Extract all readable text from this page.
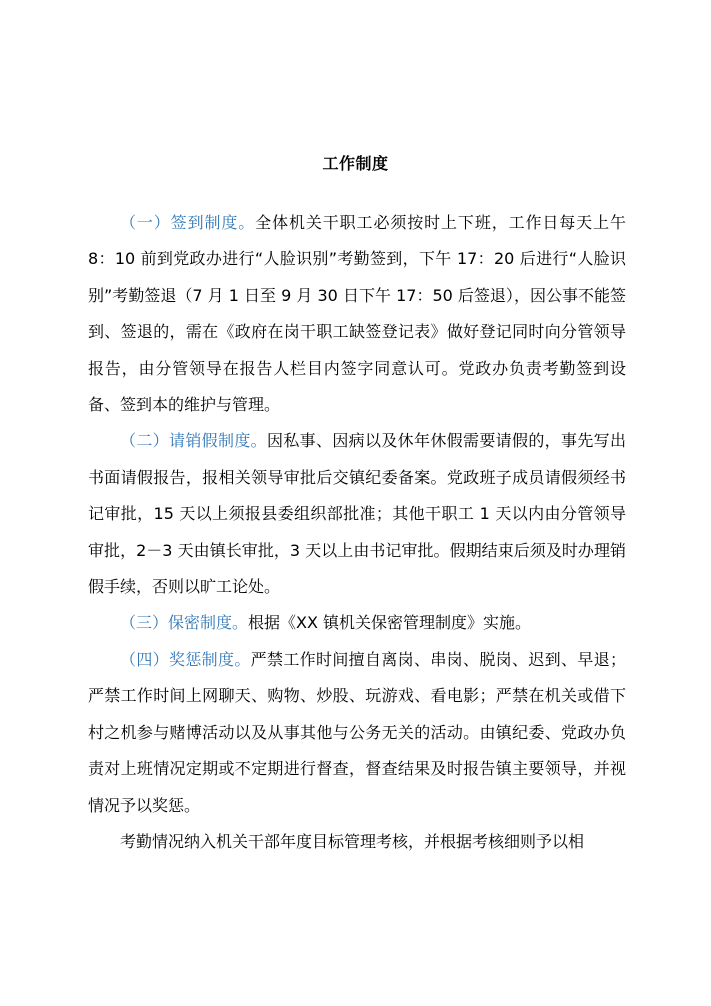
工作制度

（一）签到制度。全体机关干职工必须按时上下班，工作日每天上午 8：10 前到党政办进行“人脸识别”考勤签到，下午 17：20 后进行“人脸识别”考勤签退（7 月 1 日至 9 月 30 日下午 17：50 后签退），因公事不能签到、签退的，需在《政府在岗干职工缺签登记表》做好登记同时向分管领导报告，由分管领导在报告人栏目内签字同意认可。党政办负责考勤签到设备、签到本的维护与管理。

（二）请销假制度。因私事、因病以及休年休假需要请假的，事先写出书面请假报告，报相关领导审批后交镇纪委备案。党政班子成员请假须经书记审批，15 天以上须报县委组织部批准；其他干职工 1 天以内由分管领导审批，2－3 天由镇长审批，3 天以上由书记审批。假期结束后须及时办理销假手续，否则以旷工论处。

（三）保密制度。根据《XX 镇机关保密管理制度》实施。

（四）奖惩制度。严禁工作时间擅自离岗、串岗、脱岗、迟到、早退；严禁工作时间上网聊天、购物、炒股、玩游戏、看电影；严禁在机关或借下村之机参与赌博活动以及从事其他与公务无关的活动。由镇纪委、党政办负责对上班情况定期或不定期进行督查，督查结果及时报告镇主要领导，并视情况予以奖惩。

考勤情况纳入机关干部年度目标管理考核，并根据考核细则予以相
